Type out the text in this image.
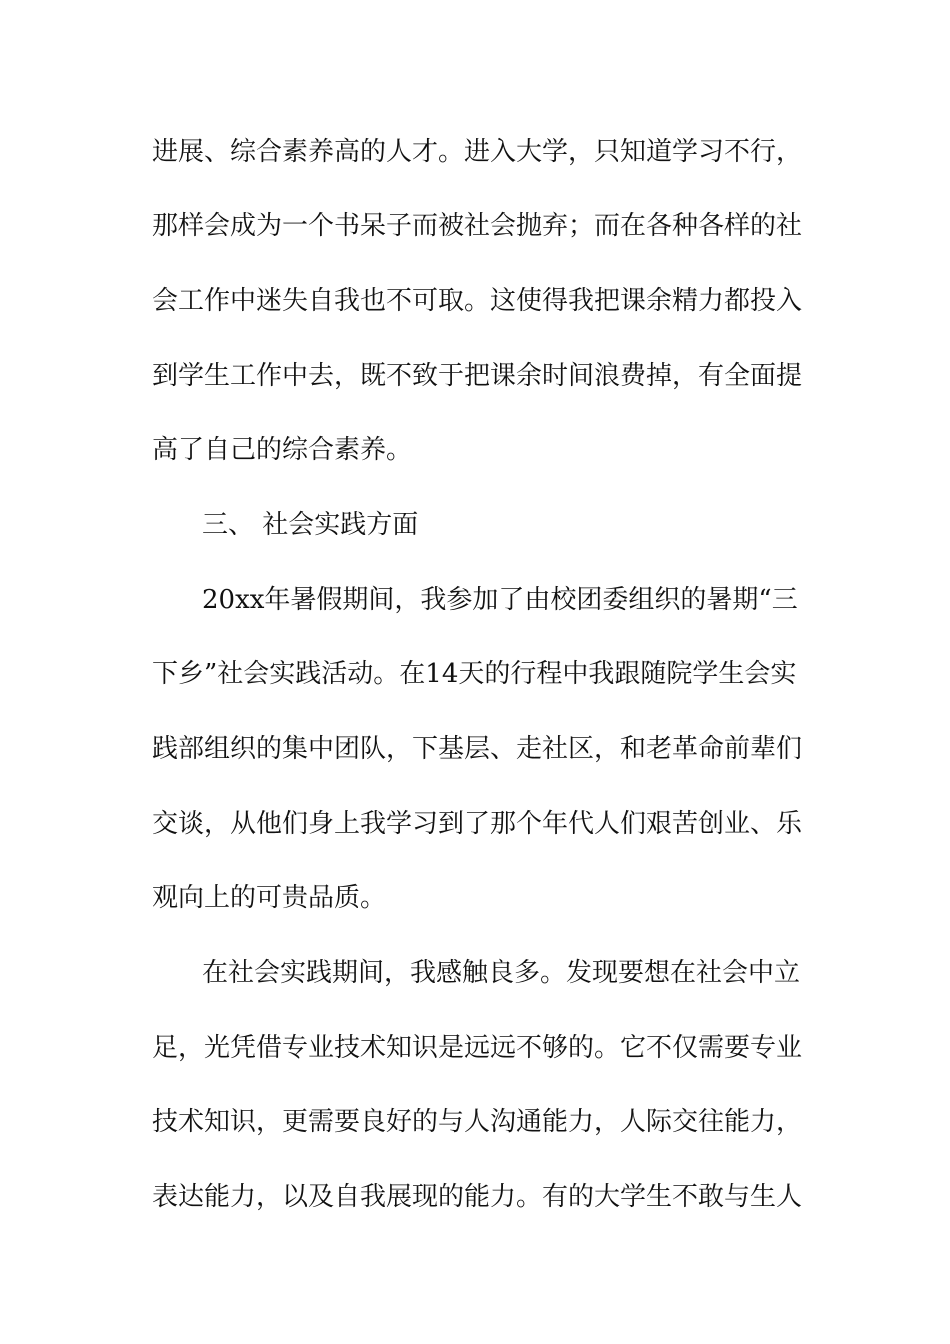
进展、综合素养高的人才。进入大学，只知道学习不行，
那样会成为一个书呆子而被社会抛弃；而在各种各样的社
会工作中迷失自我也不可取。这使得我把课余精力都投入
到学生工作中去，既不致于把课余时间浪费掉，有全面提
高了自己的综合素养。
三、 社会实践方面
20xx年暑假期间，我参加了由校团委组织的暑期“三
下乡”社会实践活动。在14天的行程中我跟随院学生会实
践部组织的集中团队，下基层、走社区，和老革命前辈们
交谈，从他们身上我学习到了那个年代人们艰苦创业、乐
观向上的可贵品质。
在社会实践期间，我感触良多。发现要想在社会中立
足，光凭借专业技术知识是远远不够的。它不仅需要专业
技术知识，更需要良好的与人沟通能力，人际交往能力，
表达能力，以及自我展现的能力。有的大学生不敢与生人
